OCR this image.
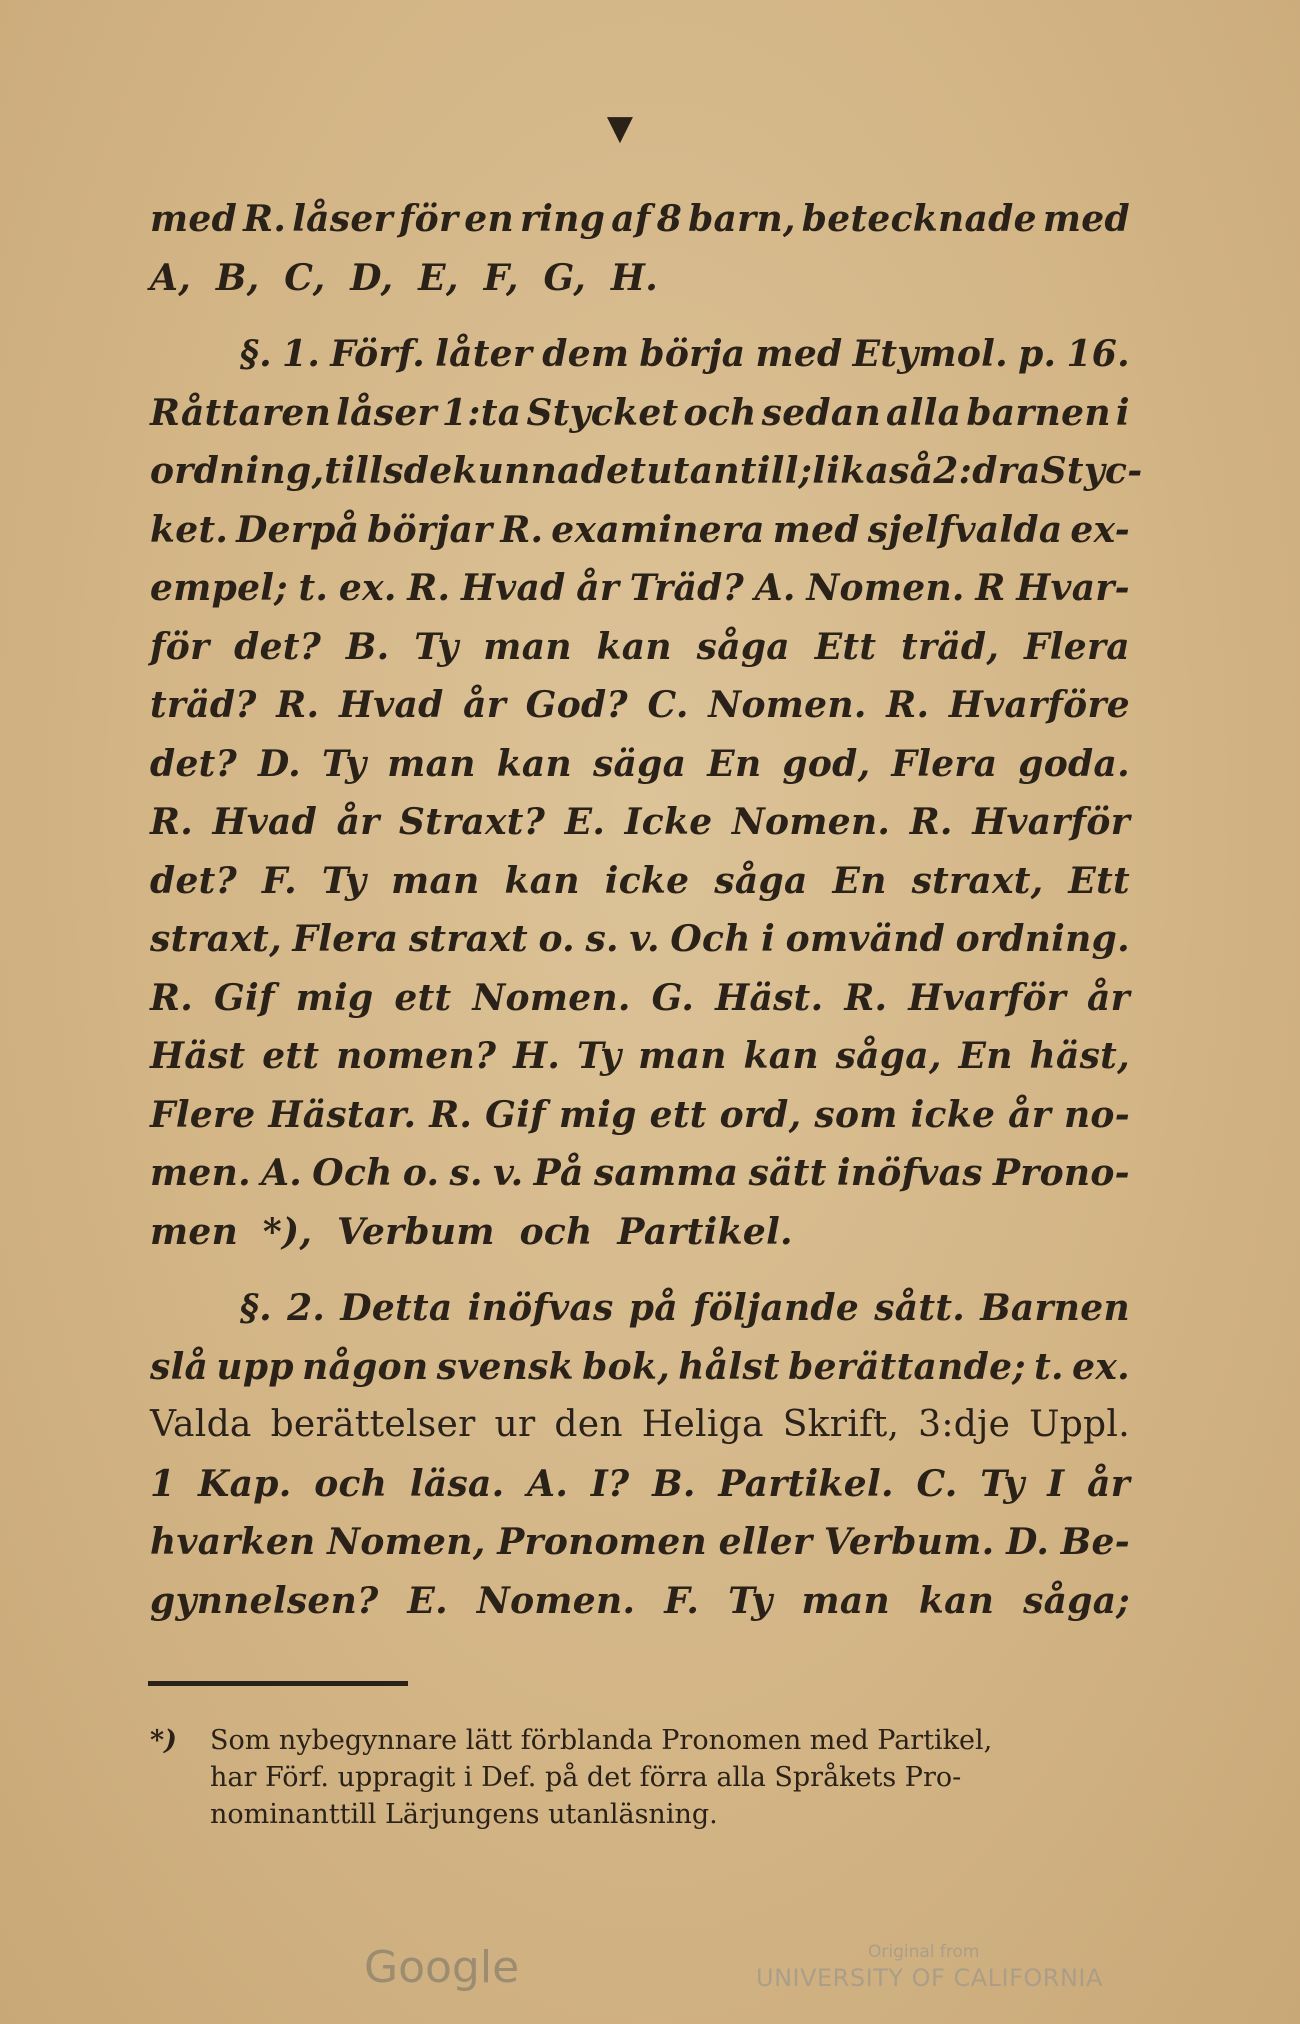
▼
med R. låser för en ring af 8 barn, betecknade med
A, B, C, D, E, F, G, H.
§. 1. Förf. låter dem börja med Etymol. p. 16.
Råttaren låser 1:ta Stycket och sedan alla barnen i
ordning, tills de kunna det utantill; likaså 2:dra Styc-
ket. Derpå börjar R. examinera med sjelfvalda ex-
empel; t. ex. R. Hvad år Träd? A. Nomen. R Hvar-
för det? B. Ty man kan såga Ett träd, Flera
träd? R. Hvad år God? C. Nomen. R. Hvarföre
det? D. Ty man kan säga En god, Flera goda.
R. Hvad år Straxt? E. Icke Nomen. R. Hvarför
det? F. Ty man kan icke såga En straxt, Ett
straxt, Flera straxt o. s. v. Och i omvänd ordning.
R. Gif mig ett Nomen. G. Häst. R. Hvarför år
Häst ett nomen? H. Ty man kan såga, En häst,
Flere Hästar. R. Gif mig ett ord, som icke år no-
men. A. Och o. s. v. På samma sätt inöfvas Prono-
men *), Verbum och Partikel.
§. 2. Detta inöfvas på följande sått. Barnen
slå upp någon svensk bok, hålst berättande; t. ex.
Valda berättelser ur den Heliga Skrift, 3:dje Uppl.
1 Kap. och läsa. A. I? B. Partikel. C. Ty I år
hvarken Nomen, Pronomen eller Verbum. D. Be-
gynnelsen? E. Nomen. F. Ty man kan såga;
*)	Som nybegynnare lätt förblanda Pronomen med Partikel,
har Förf. uppragit i Def. på det förra alla Språkets Pro-
nominanttill Lärjungens utanläsning.
Google	Original from
UNIVERSITY OF CALIFORNIA
